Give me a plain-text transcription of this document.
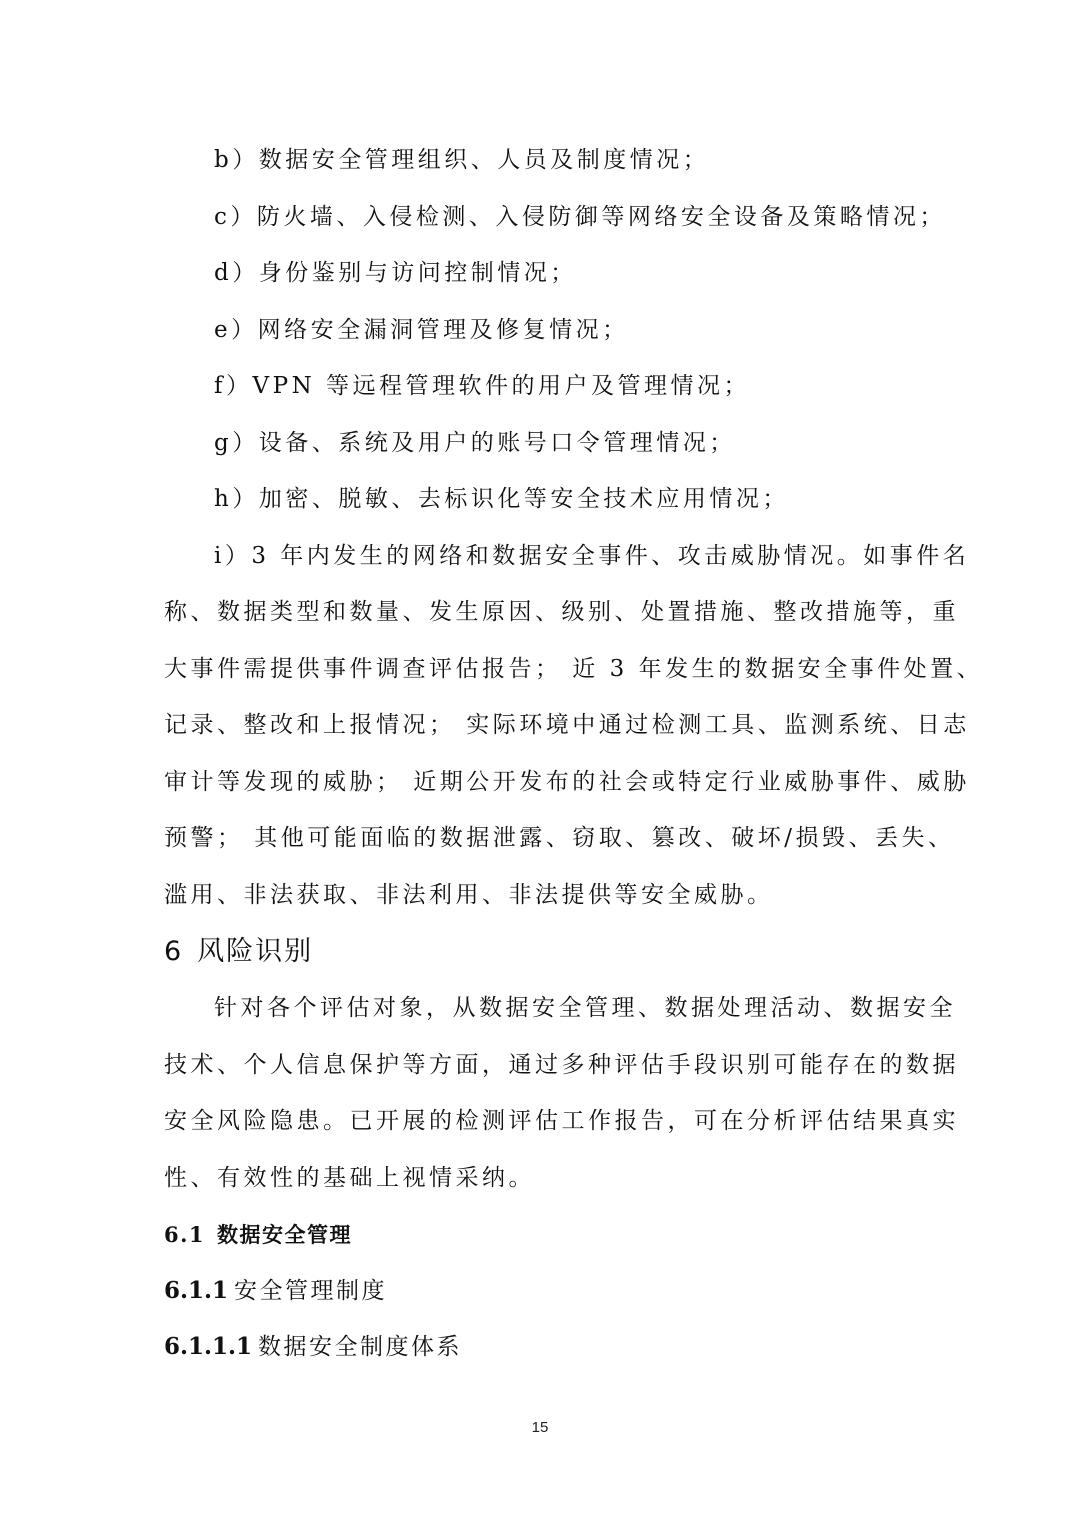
b）数据安全管理组织、人员及制度情况；
c）防火墙、入侵检测、入侵防御等网络安全设备及策略情况；
d）身份鉴别与访问控制情况；
e）网络安全漏洞管理及修复情况；
f）VPN 等远程管理软件的用户及管理情况；
g）设备、系统及用户的账号口令管理情况；
h）加密、脱敏、去标识化等安全技术应用情况；
i）3 年内发生的网络和数据安全事件、攻击威胁情况。如事件名
称、数据类型和数量、发生原因、级别、处置措施、整改措施等，重
大事件需提供事件调查评估报告； 近 3 年发生的数据安全事件处置、
记录、整改和上报情况； 实际环境中通过检测工具、监测系统、日志
审计等发现的威胁； 近期公开发布的社会或特定行业威胁事件、威胁
预警； 其他可能面临的数据泄露、窃取、篡改、破坏/损毁、丢失、
滥用、非法获取、非法利用、非法提供等安全威胁。
6 风险识别
针对各个评估对象，从数据安全管理、数据处理活动、数据安全
技术、个人信息保护等方面，通过多种评估手段识别可能存在的数据
安全风险隐患。已开展的检测评估工作报告，可在分析评估结果真实
性、有效性的基础上视情采纳。
6.1 数据安全管理
6.1.1 安全管理制度
6.1.1.1 数据安全制度体系
15
